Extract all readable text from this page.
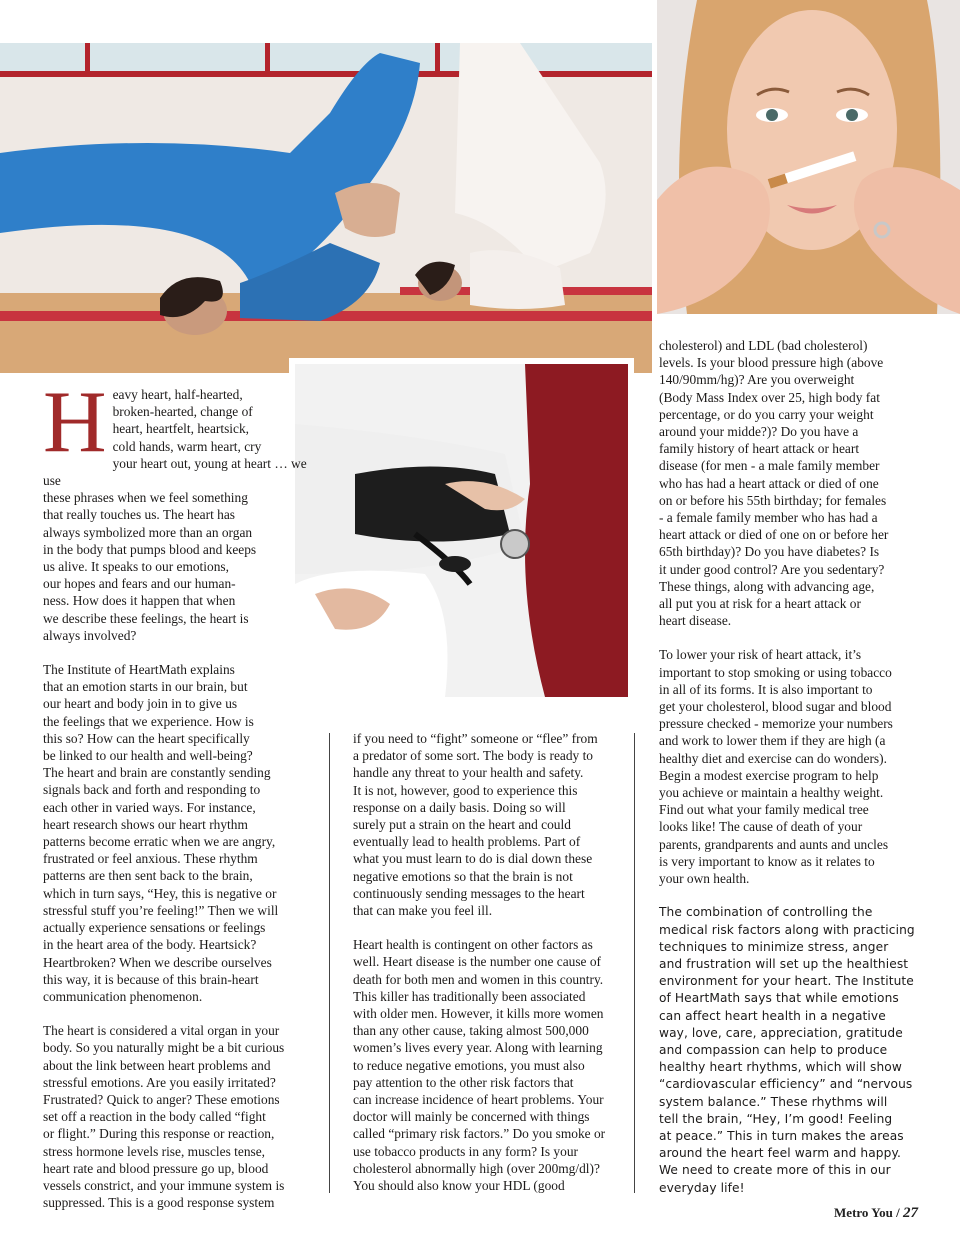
H eavy heart, half-hearted,
broken-hearted, change of
heart, heartfelt, heartsick,
cold hands, warm heart, cry
your heart out, young at heart … we use
these phrases when we feel something
that really touches us. The heart has
always symbolized more than an organ
in the body that pumps blood and keeps
us alive. It speaks to our emotions,
our hopes and fears and our human-
ness. How does it happen that when
we describe these feelings, the heart is
always involved?

The Institute of HeartMath explains
that an emotion starts in our brain, but
our heart and body join in to give us
the feelings that we experience. How is
this so? How can the heart specifically
be linked to our health and well-being?
The heart and brain are constantly sending
signals back and forth and responding to
each other in varied ways. For instance,
heart research shows our heart rhythm
patterns become erratic when we are angry,
frustrated or feel anxious. These rhythm
patterns are then sent back to the brain,
which in turn says, “Hey, this is negative or
stressful stuff you’re feeling!” Then we will
actually experience sensations or feelings
in the heart area of the body. Heartsick?
Heartbroken? When we describe ourselves
this way, it is because of this brain-heart
communication phenomenon.

The heart is considered a vital organ in your
body. So you naturally might be a bit curious
about the link between heart problems and
stressful emotions. Are you easily irritated?
Frustrated? Quick to anger? These emotions
set off a reaction in the body called “fight
or flight.” During this response or reaction,
stress hormone levels rise, muscles tense,
heart rate and blood pressure go up, blood
vessels constrict, and your immune system is
suppressed. This is a good response system

if you need to “fight” someone or “flee” from
a predator of some sort. The body is ready to
handle any threat to your health and safety.
It is not, however, good to experience this
response on a daily basis. Doing so will
surely put a strain on the heart and could
eventually lead to health problems. Part of
what you must learn to do is dial down these
negative emotions so that the brain is not
continuously sending messages to the heart
that can make you feel ill.

Heart health is contingent on other factors as
well. Heart disease is the number one cause of
death for both men and women in this country.
This killer has traditionally been associated
with older men. However, it kills more women
than any other cause, taking almost 500,000
women’s lives every year. Along with learning
to reduce negative emotions, you must also
pay attention to the other risk factors that
can increase incidence of heart problems. Your
doctor will mainly be concerned with things
called “primary risk factors.” Do you smoke or
use tobacco products in any form? Is your
cholesterol abnormally high (over 200mg/dl)?
You should also know your HDL (good

cholesterol) and LDL (bad cholesterol)
levels. Is your blood pressure high (above
140/90mm/hg)? Are you overweight
(Body Mass Index over 25, high body fat
percentage, or do you carry your weight
around your midde?)? Do you have a
family history of heart attack or heart
disease (for men - a male family member
who has had a heart attack or died of one
on or before his 55th birthday; for females
- a female family member who has had a
heart attack or died of one on or before her
65th birthday)? Do you have diabetes? Is
it under good control? Are you sedentary?
These things, along with advancing age,
all put you at risk for a heart attack or
heart disease.

To lower your risk of heart attack, it’s
important to stop smoking or using tobacco
in all of its forms. It is also important to
get your cholesterol, blood sugar and blood
pressure checked - memorize your numbers
and work to lower them if they are high (a
healthy diet and exercise can do wonders).
Begin a modest exercise program to help
you achieve or maintain a healthy weight.
Find out what your family medical tree
looks like! The cause of death of your
parents, grandparents and aunts and uncles
is very important to know as it relates to
your own health.

The combination of controlling the
medical risk factors along with practicing
techniques to minimize stress, anger
and frustration will set up the healthiest
environment for your heart. The Institute
of HeartMath says that while emotions
can affect heart health in a negative
way, love, care, appreciation, gratitude
and compassion can help to produce
healthy heart rhythms, which will show
“cardiovascular efficiency” and “nervous
system balance.” These rhythms will
tell the brain, “Hey, I’m good! Feeling
at peace.” This in turn makes the areas
around the heart feel warm and happy.
We need to create more of this in our
everyday life!

Metro You / 27
